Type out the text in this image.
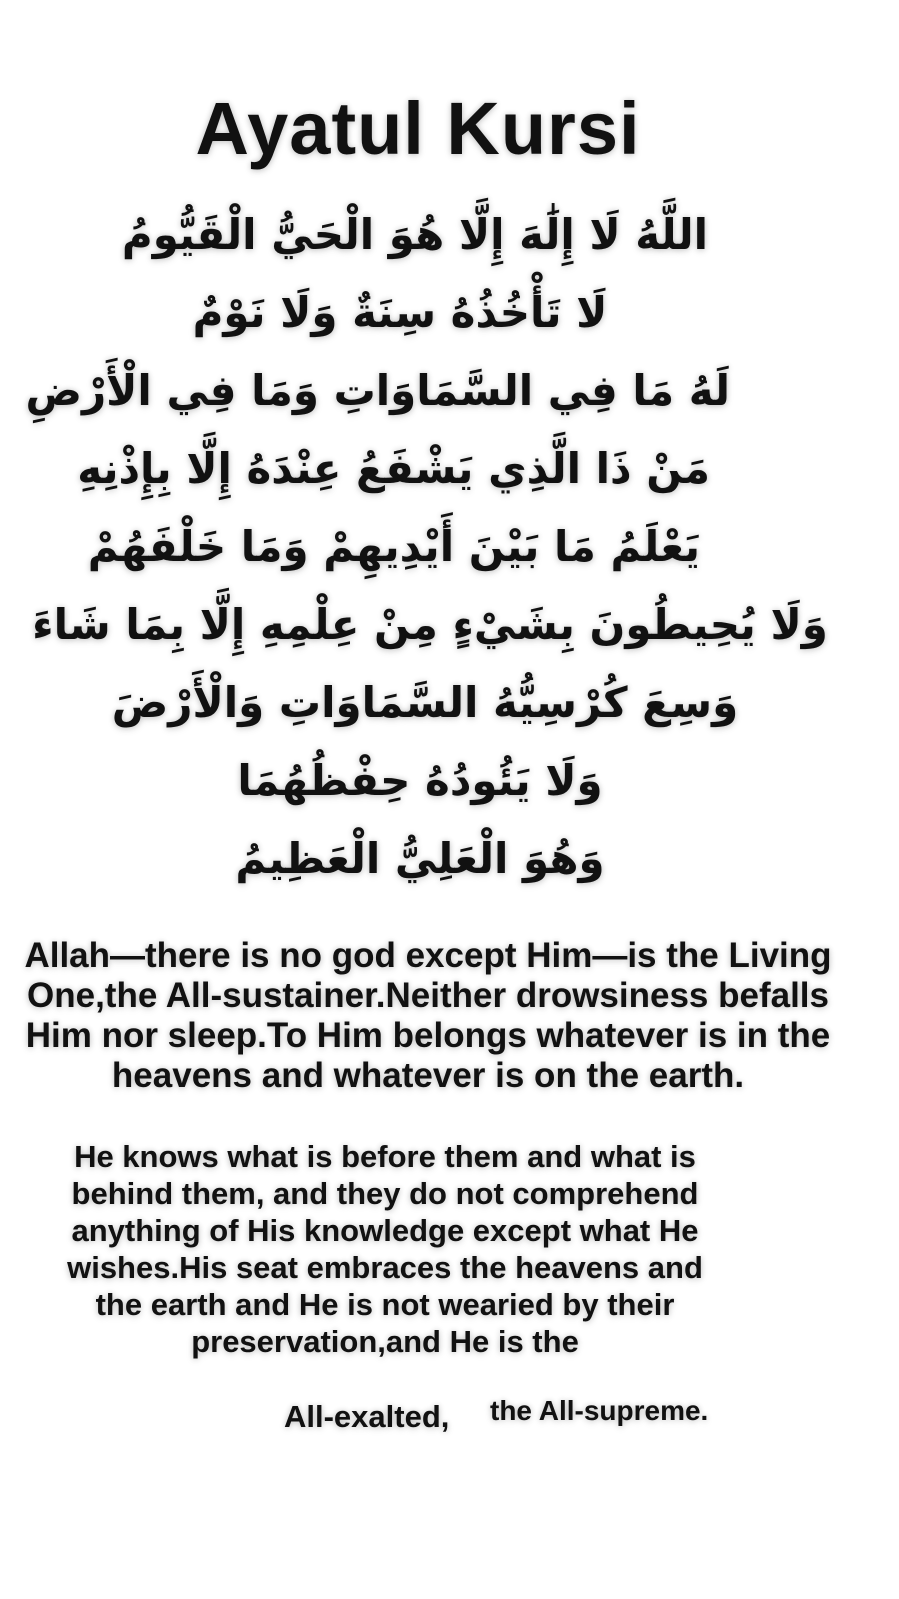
Ayatul Kursi
اللَّهُ لَا إِلَٰهَ إِلَّا هُوَ الْحَيُّ الْقَيُّومُ
لَا تَأْخُذُهُ سِنَةٌ وَلَا نَوْمٌ
لَهُ مَا فِي السَّمَاوَاتِ وَمَا فِي الْأَرْضِ
مَنْ ذَا الَّذِي يَشْفَعُ عِنْدَهُ إِلَّا بِإِذْنِهِ
يَعْلَمُ مَا بَيْنَ أَيْدِيهِمْ وَمَا خَلْفَهُمْ
وَلَا يُحِيطُونَ بِشَيْءٍ مِنْ عِلْمِهِ إِلَّا بِمَا شَاءَ
وَسِعَ كُرْسِيُّهُ السَّمَاوَاتِ وَالْأَرْضَ
وَلَا يَئُودُهُ حِفْظُهُمَا
وَهُوَ الْعَلِيُّ الْعَظِيمُ

Allah—there is no god except Him—is the Living One,the All-sustainer.Neither drowsiness befalls Him nor sleep.To Him belongs whatever is in the heavens and whatever is on the earth.

He knows what is before them and what is behind them, and they do not comprehend anything of His knowledge except what He wishes.His seat embraces the heavens and the earth and He is not wearied by their preservation,and He is the

All-exalted, the All-supreme.
